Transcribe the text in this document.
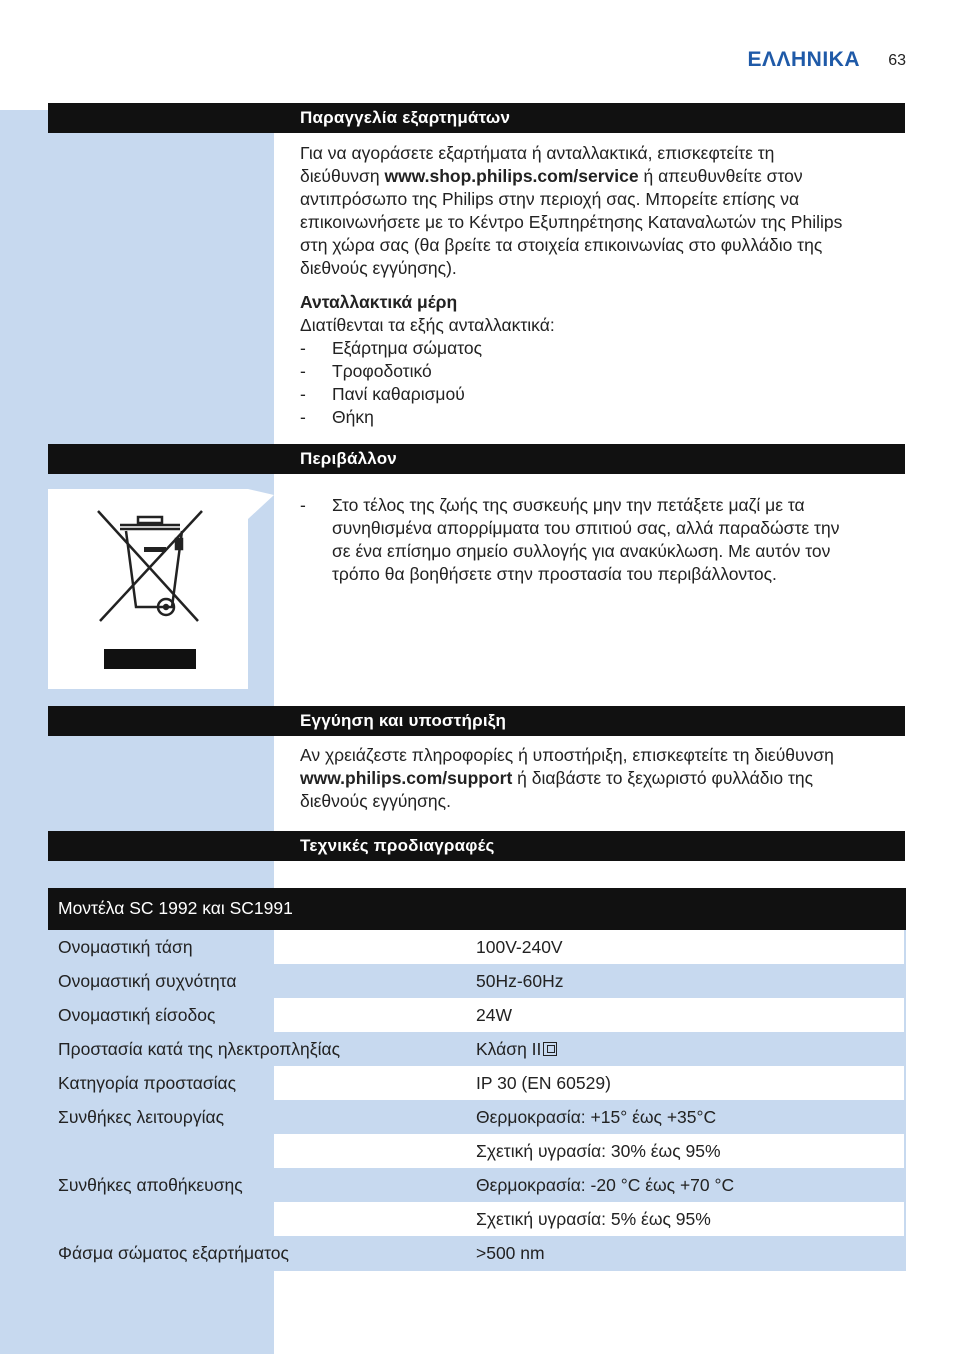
ΕΛΛΗΝΙΚΑ 63
Παραγγελία εξαρτημάτων
Για να αγοράσετε εξαρτήματα ή ανταλλακτικά, επισκεφτείτε τη
διεύθυνση www.shop.philips.com/service ή απευθυνθείτε στον
αντιπρόσωπο της Philips στην περιοχή σας. Μπορείτε επίσης να
επικοινωνήσετε με το Κέντρο Εξυπηρέτησης Καταναλωτών της Philips
στη χώρα σας (θα βρείτε τα στοιχεία επικοινωνίας στο φυλλάδιο της
διεθνούς εγγύησης).
Ανταλλακτικά μέρη
Διατίθενται τα εξής ανταλλακτικά:
- Εξάρτημα σώματος
- Τροφοδοτικό
- Πανί καθαρισμού
- Θήκη
Περιβάλλον
- Στο τέλος της ζωής της συσκευής μην την πετάξετε μαζί με τα
συνηθισμένα απορρίμματα του σπιτιού σας, αλλά παραδώστε την
σε ένα επίσημο σημείο συλλογής για ανακύκλωση. Με αυτόν τον
τρόπο θα βοηθήσετε στην προστασία του περιβάλλοντος.
Εγγύηση και υποστήριξη
Αν χρειάζεστε πληροφορίες ή υποστήριξη, επισκεφτείτε τη διεύθυνση
www.philips.com/support ή διαβάστε το ξεχωριστό φυλλάδιο της
διεθνούς εγγύησης.
Τεχνικές προδιαγραφές
Μοντέλα SC 1992 και SC1991
Ονομαστική τάση	100V-240V
Ονομαστική συχνότητα	50Hz-60Hz
Ονομαστική είσοδος	24W
Προστασία κατά της ηλεκτροπληξίας	Κλάση II
Κατηγορία προστασίας	IP 30 (EN 60529)
Συνθήκες λειτουργίας	Θερμοκρασία: +15° έως +35°C
Σχετική υγρασία: 30% έως 95%
Συνθήκες αποθήκευσης	Θερμοκρασία: -20 °C έως +70 °C
Σχετική υγρασία: 5% έως 95%
Φάσμα σώματος εξαρτήματος	>500 nm
